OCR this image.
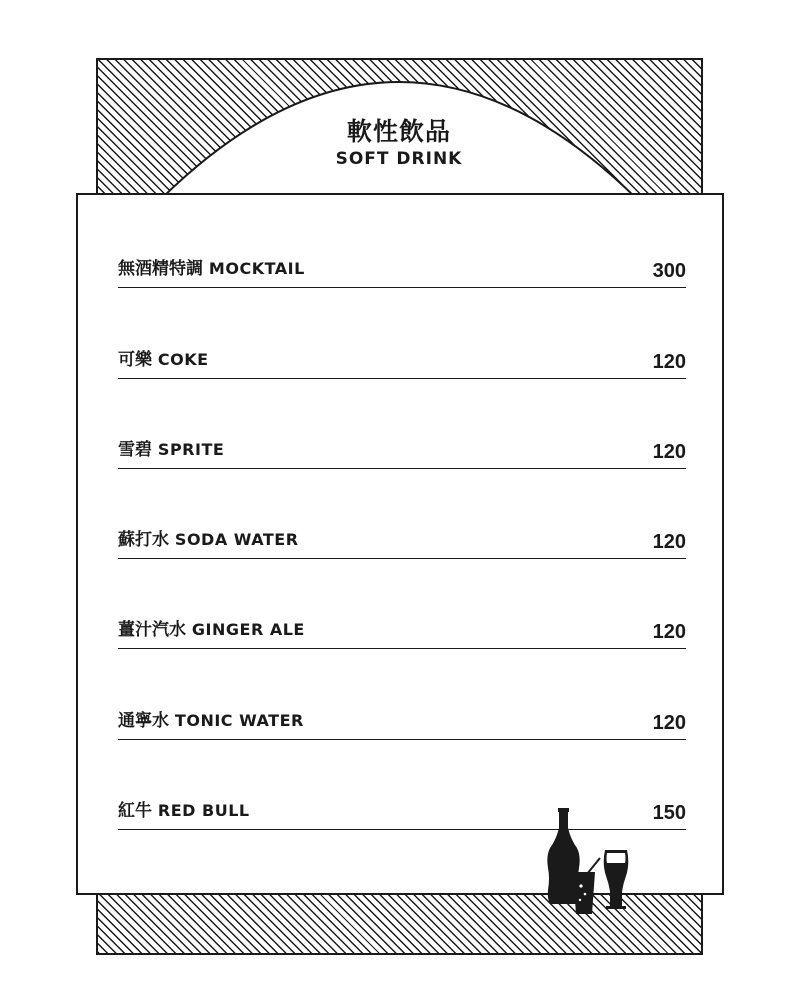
軟性飲品
SOFT DRINK
無酒精特調 MOCKTAIL	300
可樂 COKE	120
雪碧 SPRITE	120
蘇打水 SODA WATER	120
薑汁汽水 GINGER ALE	120
通寧水 TONIC WATER	120
紅牛 RED BULL	150
